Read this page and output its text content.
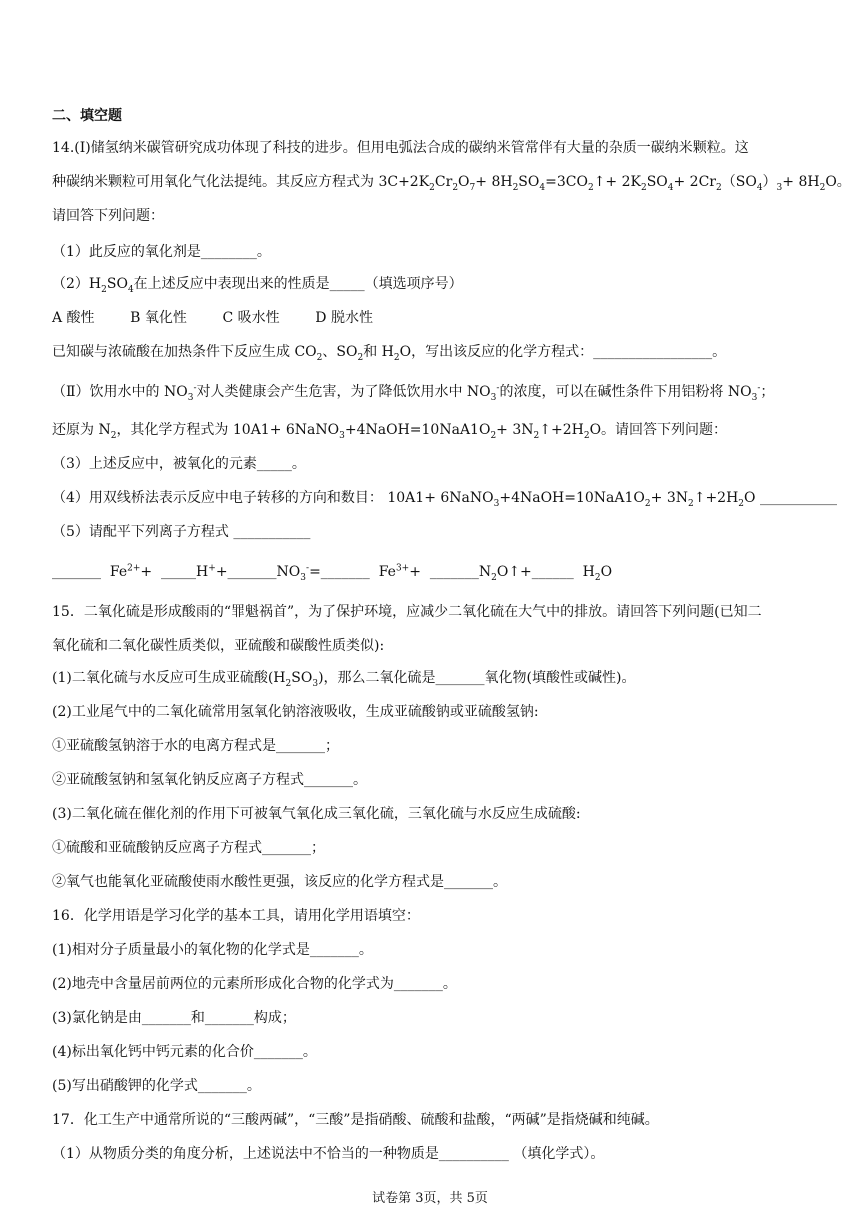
二、填空题
14.(Ⅰ)储氢纳米碳管研究成功体现了科技的进步。但用电弧法合成的碳纳米管常伴有大量的杂质一碳纳米颗粒。这
种碳纳米颗粒可用氧化气化法提纯。其反应方程式为 $3C+2K_2Cr_2O_7+$ $8H_2SO_4=3CO_2↑+ 2K_2SO_4+ 2Cr_2(SO_4)_3+ 8H_2O$。
请回答下列问题：
（1）此反应的氧化剂是________。
$(2)H_2SO_4$在上述反应中表现出来的性质是_____（填选项序号）
A 酸性        B 氧化性        C 吸水性        D 脱水性
已知碳与浓硫酸在加热条件下反应生成 $CO_2$、$SO_2$和 $H_2O$，写出该反应的化学方程式：_________________。
（Ⅱ）饮用水中的 $NO_3^-$对人类健康会产生危害，为了降低饮用水中 $NO_3^-$的浓度，可以在碱性条件下用铝粉将 $NO_3^-$；
还原为 $N_2$，其化学方程式为 $10A1+ 6NaNO_3+4NaOH=10NaA1O_2+$ $3N_2↑+2H_2O$。请回答下列问题：
（3）上述反应中，被氧化的元素_____。
（4）用双线桥法表示反应中电子转移的方向和数目： $10A1+ 6NaNO_3+4NaOH=10NaA1O_2+$ $3N_2↑+2H_2O$ ___________
（5）请配平下列离子方程式 ___________
_______  $Fe^{2+}+$  $\_\_\_\_\_H^++\_\_\_\_\_\_\_NO_3^-=\_\_\_\_\_\_\_$  $Fe^{3+}+$  $\_\_\_\_\_\_\_N_2O↑+\_\_\_\_\_\_$  $H_2O$
15．二氧化硫是形成酸雨的“罪魁祸首”，为了保护环境，应减少二氧化硫在大气中的排放。请回答下列问题(已知二
氧化硫和二氧化碳性质类似，亚硫酸和碳酸性质类似):
(1)二氧化硫与水反应可生成亚硫酸$(H_2SO_3)$，那么二氧化硫是_______氧化物(填酸性或碱性)。
(2)工业尾气中的二氧化硫常用氢氧化钠溶液吸收，生成亚硫酸钠或亚硫酸氢钠:
①亚硫酸氢钠溶于水的电离方程式是_______；
②亚硫酸氢钠和氢氧化钠反应离子方程式_______。
(3)二氧化硫在催化剂的作用下可被氧气氧化成三氧化硫，三氧化硫与水反应生成硫酸:
①硫酸和亚硫酸钠反应离子方程式_______；
②氧气也能氧化亚硫酸使雨水酸性更强，该反应的化学方程式是_______。
16．化学用语是学习化学的基本工具，请用化学用语填空：
(1)相对分子质量最小的氧化物的化学式是_______。
(2)地壳中含量居前两位的元素所形成化合物的化学式为_______。
(3)氯化钠是由_______和_______构成；
(4)标出氧化钙中钙元素的化合价_______。
(5)写出硝酸钾的化学式_______。
17．化工生产中通常所说的“三酸两碱”，“三酸”是指硝酸、硫酸和盐酸，“两碱”是指烧碱和纯碱。
（1）从物质分类的角度分析，上述说法中不恰当的一种物质是__________ （填化学式）。
试卷第 3页，共 5页
